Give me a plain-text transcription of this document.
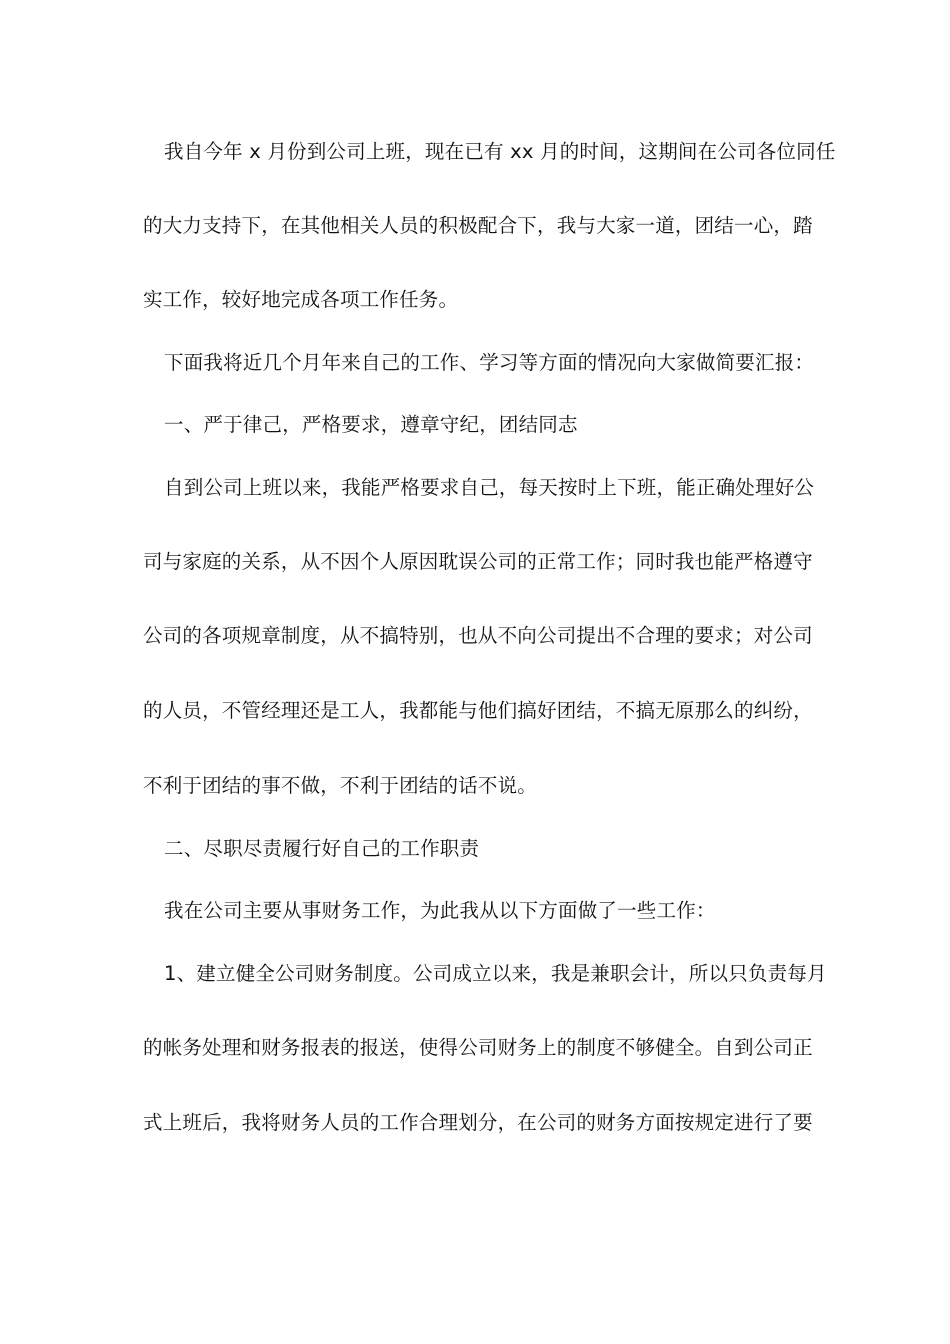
我自今年 x 月份到公司上班，现在已有 xx 月的时间，这期间在公司各位同任
的大力支持下，在其他相关人员的积极配合下，我与大家一道，团结一心，踏
实工作，较好地完成各项工作任务。
下面我将近几个月年来自己的工作、学习等方面的情况向大家做简要汇报：
一、严于律己，严格要求，遵章守纪，团结同志
自到公司上班以来，我能严格要求自己，每天按时上下班，能正确处理好公
司与家庭的关系，从不因个人原因耽误公司的正常工作；同时我也能严格遵守
公司的各项规章制度，从不搞特别，也从不向公司提出不合理的要求；对公司
的人员，不管经理还是工人，我都能与他们搞好团结，不搞无原那么的纠纷，
不利于团结的事不做，不利于团结的话不说。
二、尽职尽责履行好自己的工作职责
我在公司主要从事财务工作，为此我从以下方面做了一些工作：
1、建立健全公司财务制度。公司成立以来，我是兼职会计，所以只负责每月
的帐务处理和财务报表的报送，使得公司财务上的制度不够健全。自到公司正
式上班后，我将财务人员的工作合理划分，在公司的财务方面按规定进行了要
